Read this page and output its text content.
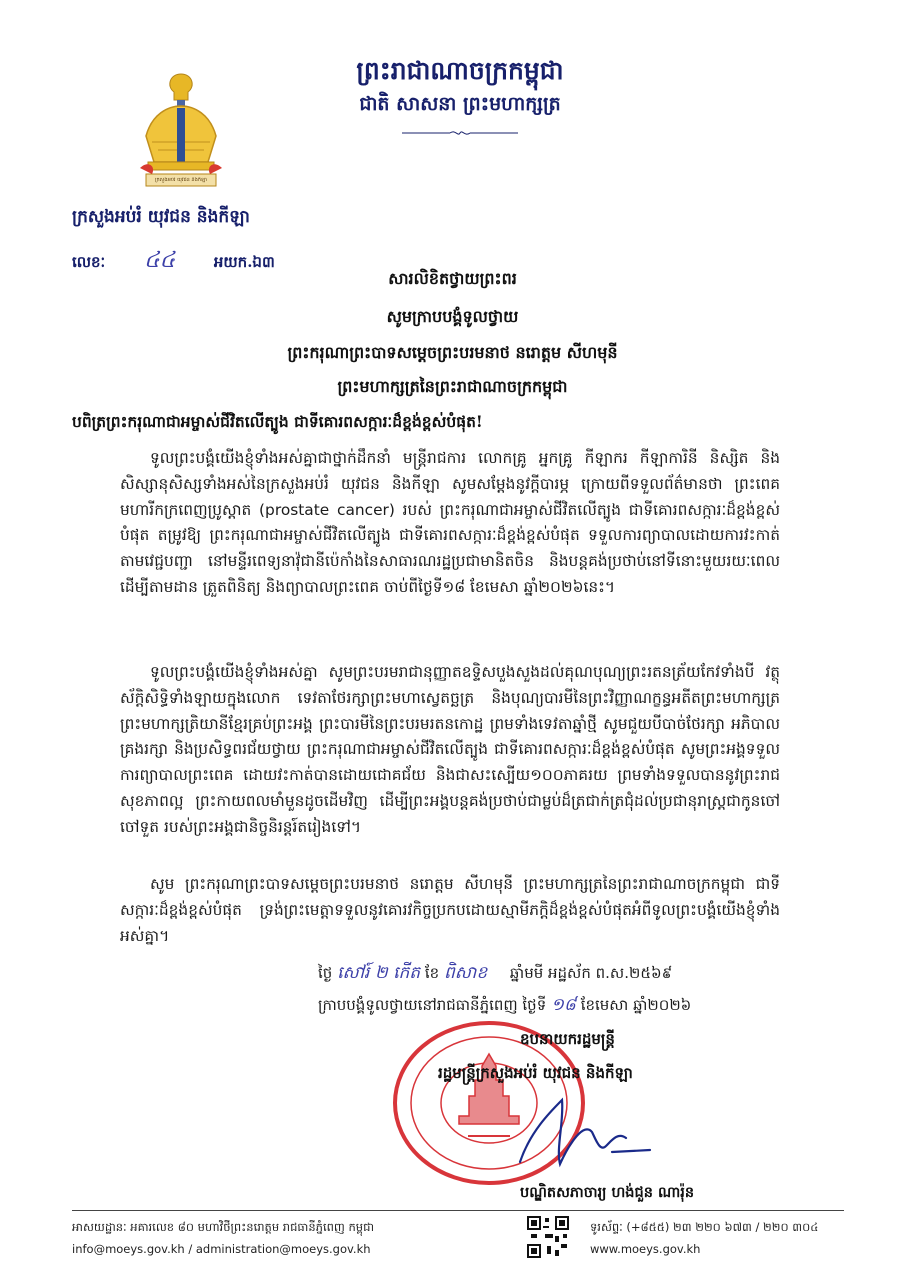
ក្រសួងអប់រំ យុវជន និងកីឡា
ព្រះរាជាណាចក្រកម្ពុជា
ជាតិ សាសនា ព្រះមហាក្សត្រ
ក្រសួងអប់រំ យុវជន និងកីឡា
លេខៈ ៤៤	អយក.ឯ៣
សារលិខិតថ្វាយព្រះពរ
សូមក្រាបបង្គំទូលថ្វាយ
ព្រះករុណាព្រះបាទសម្តេចព្រះបរមនាថ នរោត្តម សីហមុនី
ព្រះមហាក្សត្រនៃព្រះរាជាណាចក្រកម្ពុជា
បពិត្រព្រះករុណាជាអម្ចាស់ជីវិតលើត្បូង ជាទីគោរពសក្ការៈដ៏ខ្ពង់ខ្ពស់បំផុត!
ទូលព្រះបង្គំយើងខ្ញុំទាំងអស់គ្នាជាថ្នាក់ដឹកនាំ មន្ត្រីរាជការ លោកគ្រូ អ្នកគ្រូ កីឡាករ កីឡាការិនី និស្សិត និងសិស្សានុសិស្សទាំងអស់នៃក្រសួងអប់រំ យុវជន និងកីឡា សូមសម្តែងនូវក្តីបារម្ភ ក្រោយពីទទួលព័ត៌មានថា ព្រះពេគមហារីកក្រពេញប្រូស្តាត (prostate cancer) របស់ ព្រះករុណាជាអម្ចាស់ជីវិតលើត្បូង ជាទីគោរពសក្ការៈដ៏ខ្ពង់ខ្ពស់បំផុត តម្រូវឱ្យ ព្រះករុណាជាអម្ចាស់ជីវិតលើត្បូង ជាទីគោរពសក្ការៈដ៏ខ្ពង់ខ្ពស់បំផុត ទទួលការព្យាបាលដោយការវះកាត់តាមវេជ្ជបញ្ជា នៅមន្ទីរពេទ្យនាវ៉ុជានីប៉េកាំងនៃសាធារណរដ្ឋប្រជាមានិតចិន និងបន្តគង់ប្រថាប់នៅទីនោះមួយរយៈពេល ដើម្បីតាមដាន ត្រួតពិនិត្យ និងព្យាបាលព្រះពេគ ចាប់ពីថ្ងៃទី១៨ ខែមេសា ឆ្នាំ២០២៦នេះ។
ទូលព្រះបង្គំយើងខ្ញុំទាំងអស់គ្នា សូមព្រះបរមរាជានុញ្ញាតឧទ្ទិសបួងសួងដល់គុណបុណ្យព្រះរតនត្រ័យកែវទាំងបី វត្ថុស័ក្តិសិទ្ធិទាំងឡាយក្នុងលោក ទេវតាថែរក្សាព្រះមហាស្វេតច្ឆត្រ និងបុណ្យបារមីនៃព្រះវិញ្ញាណក្ខន្ធអតីតព្រះមហាក្សត្រ ព្រះមហាក្សត្រិយានីខ្មែរគ្រប់ព្រះអង្គ ព្រះបារមីនៃព្រះបរមរតនកោដ្ឋ ព្រមទាំងទេវតាឆ្នាំថ្មី សូមជួយបីបាច់ថែរក្សា អភិបាលគ្រងរក្សា និងប្រសិទ្ធពរជ័យថ្វាយ ព្រះករុណាជាអម្ចាស់ជីវិតលើត្បូង ជាទីគោរពសក្ការៈដ៏ខ្ពង់ខ្ពស់បំផុត សូមព្រះអង្គទទួលការព្យាបាលព្រះពេគ ដោយវះកាត់បានដោយជោគជ័យ និងជាសះស្បើយ១០០ភាគរយ ព្រមទាំងទទួលបាននូវព្រះរាជសុខភាពល្អ ព្រះកាយពលមាំមួនដូចដើមវិញ ដើម្បីព្រះអង្គបន្តគង់ប្រថាប់ជាម្លប់ដ៏ត្រជាក់ត្រជុំដល់ប្រជានុរាស្ត្រជាកូនចៅ ចៅទួត របស់ព្រះអង្គជានិច្ចនិរន្តរ៍តរៀងទៅ។
សូម ព្រះករុណាព្រះបាទសម្តេចព្រះបរមនាថ នរោត្តម សីហមុនី ព្រះមហាក្សត្រនៃព្រះរាជាណាចក្រកម្ពុជា ជាទីសក្ការៈដ៏ខ្ពង់ខ្ពស់បំផុត ទ្រង់ព្រះមេត្តាទទួលនូវគោរវកិច្ចប្រកបដោយស្មាមីភក្តិដ៏ខ្ពង់ខ្ពស់បំផុតអំពីទូលព្រះបង្គំយើងខ្ញុំទាំងអស់គ្នា។
ថ្ងៃ សៅរ៍ ២ កើត ខែ ពិសាខ ឆ្នាំមមី អដ្ឋស័ក ព.ស.២៥៦៩
ក្រាបបង្គំទូលថ្វាយនៅរាជធានីភ្នំពេញ ថ្ងៃទី ១៨ ខែមេសា ឆ្នាំ២០២៦
ឧបនាយករដ្ឋមន្ត្រី
រដ្ឋមន្ត្រីក្រសួងអប់រំ យុវជន និងកីឡា
បណ្ឌិតសភាចារ្យ ហង់ជួន ណារ៉ុន
អាសយដ្ឋានៈ អគារលេខ ៨០ មហាវិថីព្រះនរោត្តម រាជធានីភ្នំពេញ កម្ពុជា
info@moeys.gov.kh / administration@moeys.gov.kh
ទូរស័ព្ទៈ (+៨៥៥) ២៣ ២២០ ៦៧៣ / ២២០ ៣០៤
www.moeys.gov.kh
